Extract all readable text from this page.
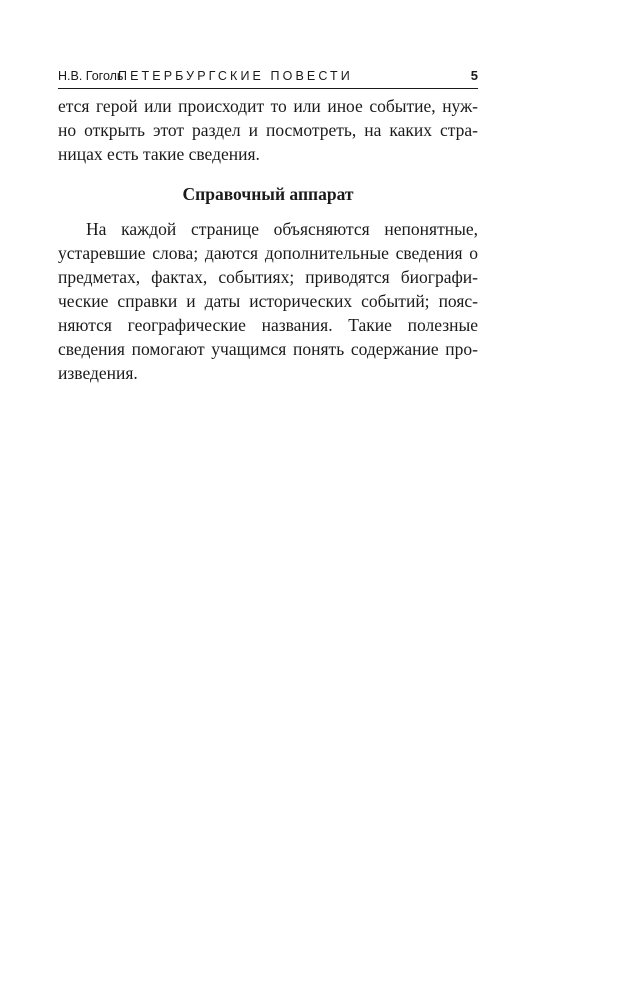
Н.В. Гоголь
ПЕТЕРБУРГСКИЕ ПОВЕСТИ	5
ется герой или происходит то или иное событие, нуж-
но открыть этот раздел и посмотреть, на каких стра-
ницах есть такие сведения.
Справочный аппарат
На каждой странице объясняются непонятные,
устаревшие слова; даются дополнительные сведения о
предметах, фактах, событиях; приводятся биографи-
ческие справки и даты исторических событий; пояс-
няются географические названия. Такие полезные
сведения помогают учащимся понять содержание про-
изведения.
